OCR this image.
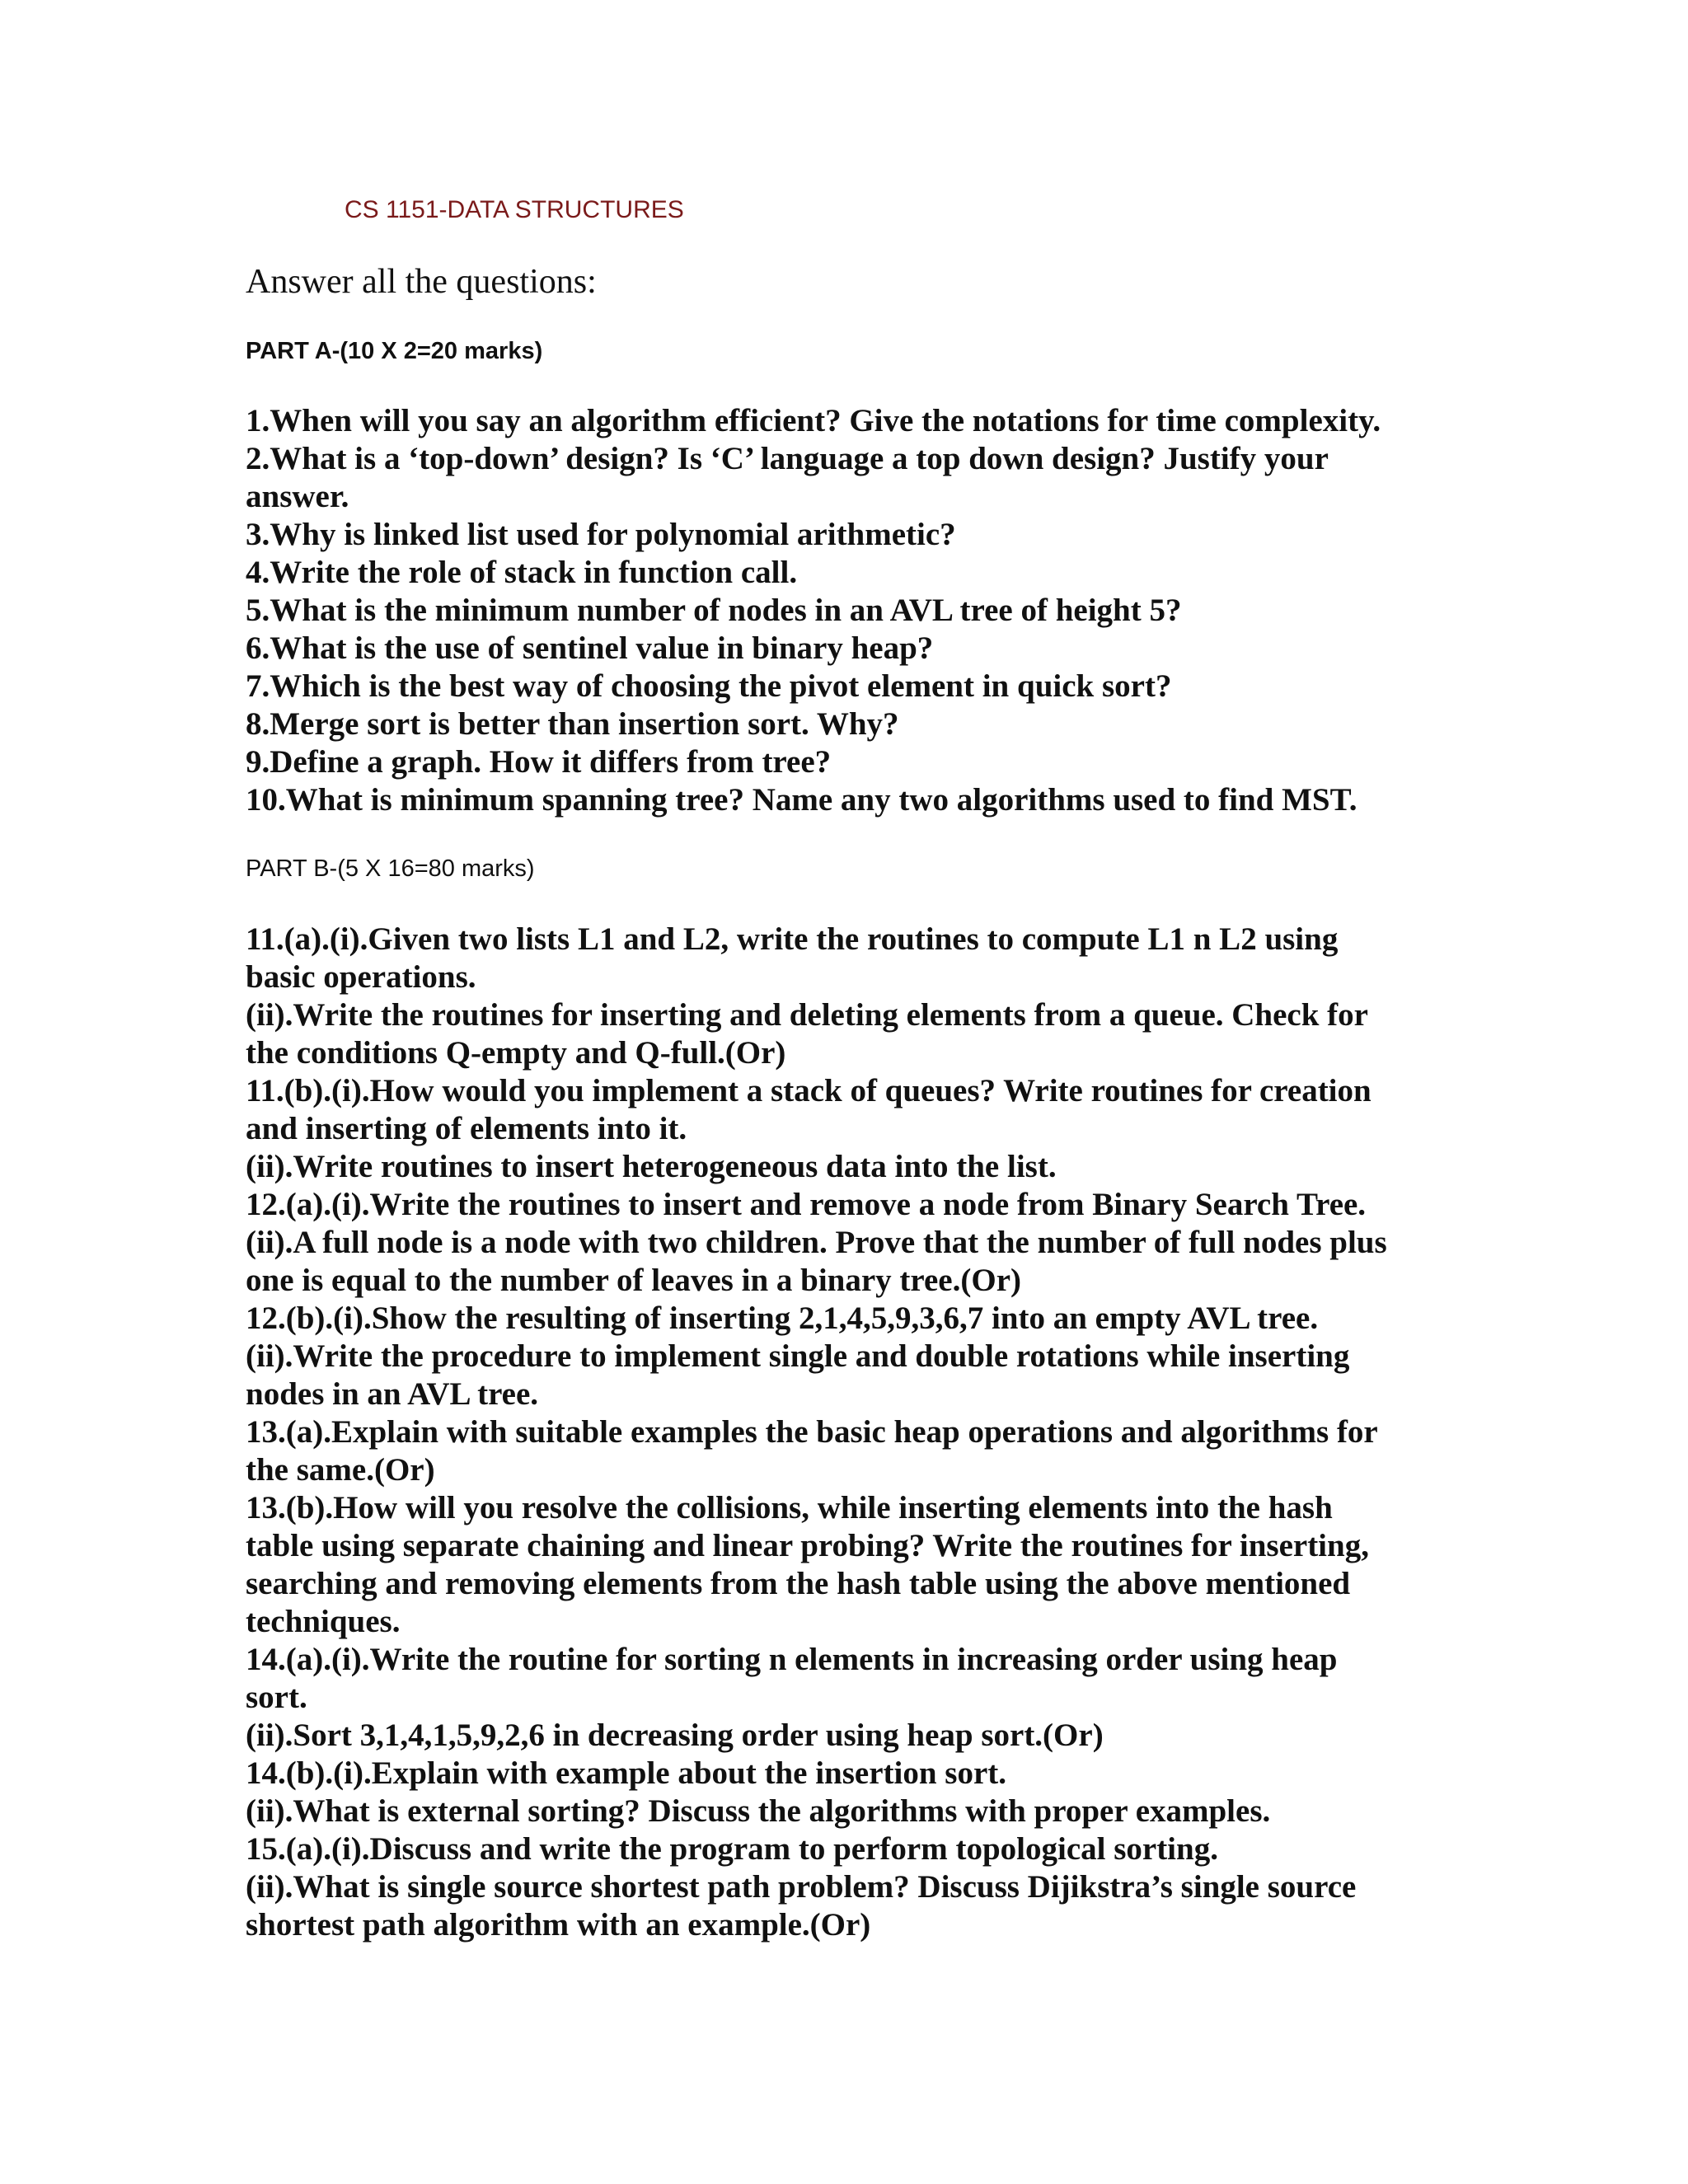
CS 1151-DATA STRUCTURES
Answer all the questions:
PART A-(10 X 2=20 marks)
1.When will you say an algorithm efficient? Give the notations for time complexity.
2.What is a ‘top-down’ design? Is ‘C’ language a top down design? Justify your
answer.
3.Why is linked list used for polynomial arithmetic?
4.Write the role of stack in function call.
5.What is the minimum number of nodes in an AVL tree of height 5?
6.What is the use of sentinel value in binary heap?
7.Which is the best way of choosing the pivot element in quick sort?
8.Merge sort is better than insertion sort. Why?
9.Define a graph. How it differs from tree?
10.What is minimum spanning tree? Name any two algorithms used to find MST.
PART B-(5 X 16=80 marks)
11.(a).(i).Given two lists L1 and L2, write the routines to compute L1 n L2 using
basic operations.
(ii).Write the routines for inserting and deleting elements from a queue. Check for
the conditions Q-empty and Q-full.(Or)
11.(b).(i).How would you implement a stack of queues? Write routines for creation
and inserting of elements into it.
(ii).Write routines to insert heterogeneous data into the list.
12.(a).(i).Write the routines to insert and remove a node from Binary Search Tree.
(ii).A full node is a node with two children. Prove that the number of full nodes plus
one is equal to the number of leaves in a binary tree.(Or)
12.(b).(i).Show the resulting of inserting 2,1,4,5,9,3,6,7 into an empty AVL tree.
(ii).Write the procedure to implement single and double rotations while inserting
nodes in an AVL tree.
13.(a).Explain with suitable examples the basic heap operations and algorithms for
the same.(Or)
13.(b).How will you resolve the collisions, while inserting elements into the hash
table using separate chaining and linear probing? Write the routines for inserting,
searching and removing elements from the hash table using the above mentioned
techniques.
14.(a).(i).Write the routine for sorting n elements in increasing order using heap
sort.
(ii).Sort 3,1,4,1,5,9,2,6 in decreasing order using heap sort.(Or)
14.(b).(i).Explain with example about the insertion sort.
(ii).What is external sorting? Discuss the algorithms with proper examples.
15.(a).(i).Discuss and write the program to perform topological sorting.
(ii).What is single source shortest path problem? Discuss Dijikstra’s single source
shortest path algorithm with an example.(Or)
